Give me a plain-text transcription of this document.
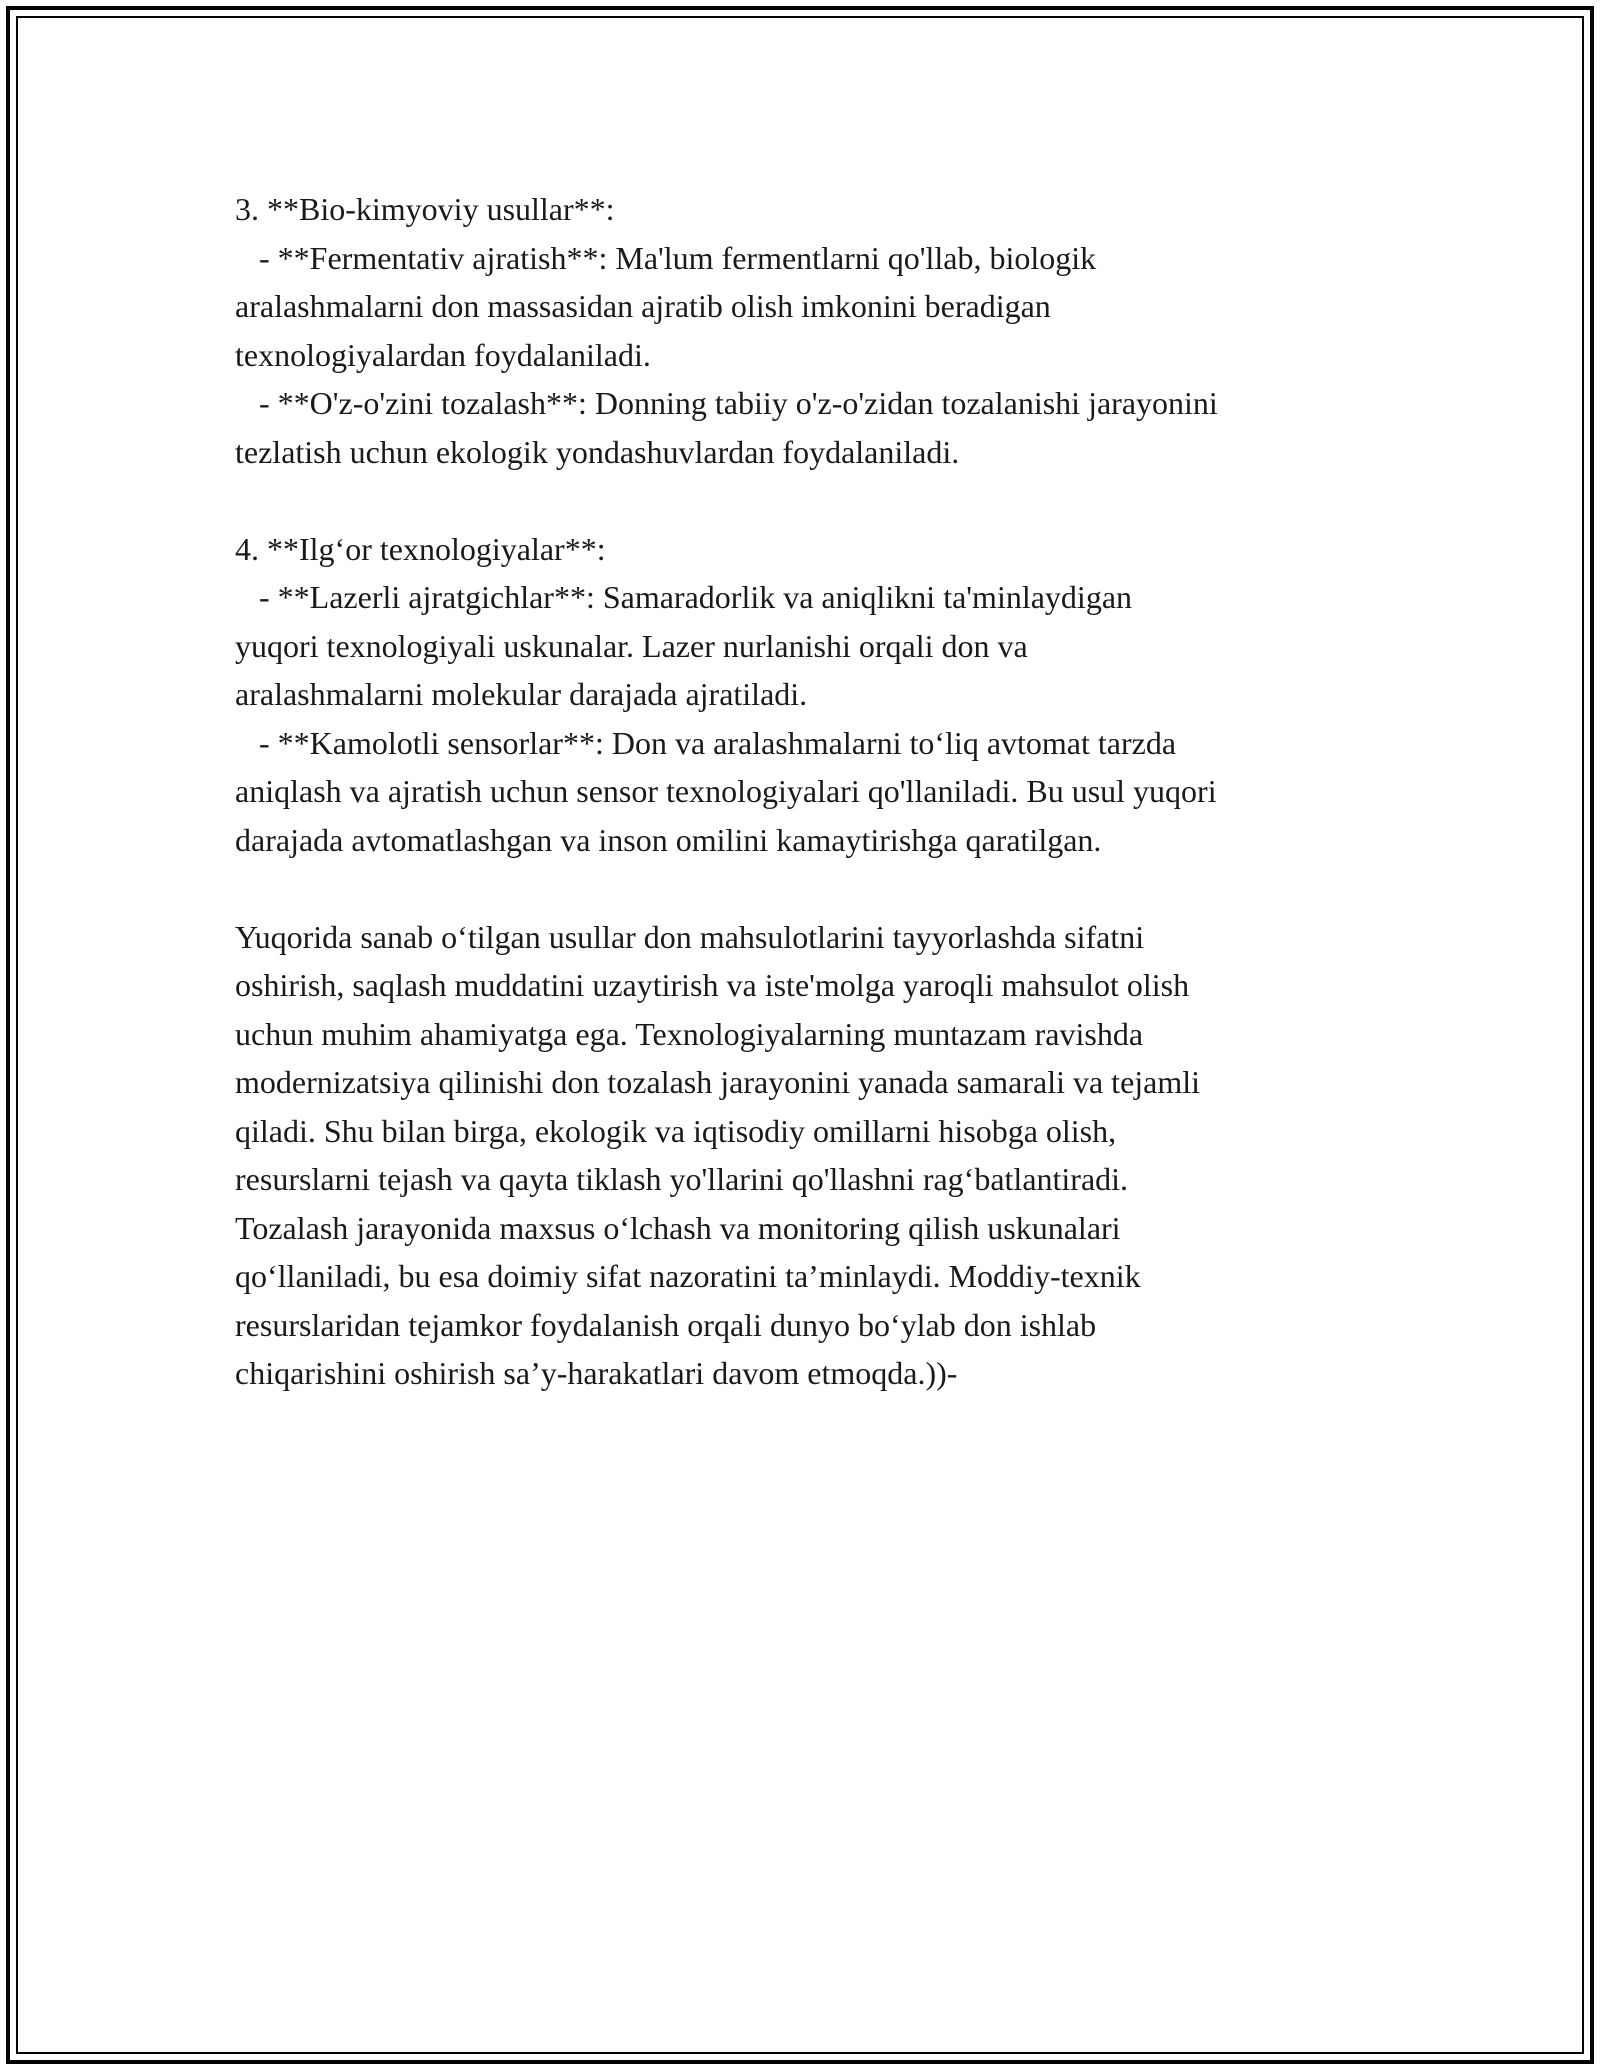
3. **Bio-kimyoviy usullar**:

- **Fermentativ ajratish**: Ma'lum fermentlarni qo'llab, biologik

aralashmalarni don massasidan ajratib olish imkonini beradigan

texnologiyalardan foydalaniladi.

- **O'z-o'zini tozalash**: Donning tabiiy o'z-o'zidan tozalanishi jarayonini

tezlatish uchun ekologik yondashuvlardan foydalaniladi.

4. **Ilg‘or texnologiyalar**:

- **Lazerli ajratgichlar**: Samaradorlik va aniqlikni ta'minlaydigan

yuqori texnologiyali uskunalar. Lazer nurlanishi orqali don va

aralashmalarni molekular darajada ajratiladi.

- **Kamolotli sensorlar**: Don va aralashmalarni to‘liq avtomat tarzda

aniqlash va ajratish uchun sensor texnologiyalari qo'llaniladi. Bu usul yuqori

darajada avtomatlashgan va inson omilini kamaytirishga qaratilgan.

Yuqorida sanab o‘tilgan usullar don mahsulotlarini tayyorlashda sifatni

oshirish, saqlash muddatini uzaytirish va iste'molga yaroqli mahsulot olish

uchun muhim ahamiyatga ega. Texnologiyalarning muntazam ravishda

modernizatsiya qilinishi don tozalash jarayonini yanada samarali va tejamli

qiladi. Shu bilan birga, ekologik va iqtisodiy omillarni hisobga olish,

resurslarni tejash va qayta tiklash yo'llarini qo'llashni rag‘batlantiradi.

Tozalash jarayonida maxsus o‘lchash va monitoring qilish uskunalari

qo‘llaniladi, bu esa doimiy sifat nazoratini ta’minlaydi. Moddiy-texnik

resurslaridan tejamkor foydalanish orqali dunyo bo‘ylab don ishlab

chiqarishini oshirish sa’y-harakatlari davom etmoqda.))-
